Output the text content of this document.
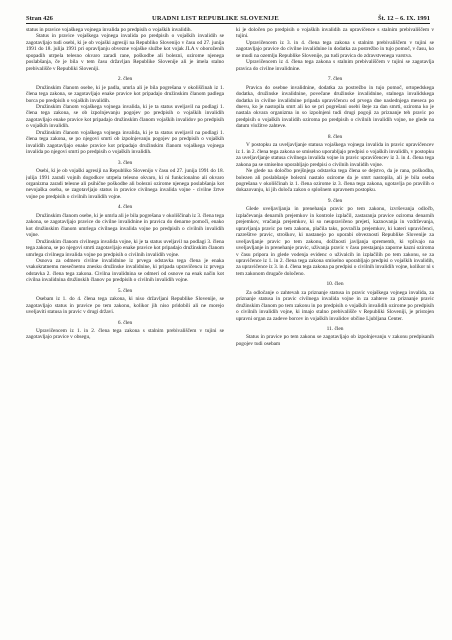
Stran 426	URADNI LIST REPUBLIKE SLOVENIJE	Št. 12 – 6. IX. 1991

status in pravice vojaškega vojnega invalida po predpisih o vojaških invalidih.

Status in pravice vojaškega vojnega invalida po predpisih o vojaških invalidih se zagotavljajo tudi osebi, ki je ob vojaški agresiji na Republiko Slovenijo v času od 27. junija 1991 do 18. julija 1991 pri opravljanju obvezne vojaške službe kot vojak JLA v oboroženih spopadih utrpela telesno okvaro zaradi rane, poškodbe ali bolezni, ozirome njenega poslabšanja, če je bila v tem času državljan Republike Slovenije ali je imela stalno prebivališče v Republiki Sloveniji.

2. člen

Družinskim članom osebe, ki je padla, umrla ali je bila pogrešana v okoliščinah iz 1. člena tega zakona, se zagotavljajo enake pravice kot pripadajo družinskim članom padlega borca po predpisih o vojaških invalidih.

Družinskim članom vojaškega vojnega invalida, ki je ta status uveljavil na podlagi 1. člena tega zakona, se ob izpolnjevanju pogojev po predpisih o vojaških invalidih zagotavljajo enake pravice kot pripadajo družinskim članom vojaških invalidov po predpisih o vojaških invalidih.

Družinskim članom vojaškega vojnega invalida, ki je ta status uveljavil na podlagi 1. člena tega zakona, se po njegovi smrti ob izpolnjevanju pogojev po predpisih o vojaških invalidih zagotavljajo enake pravice kot pripadajo družinskim članom vojaškega vojnega invalida po njegovi smrti po predpisih o vojaških invalidih.

3. člen

Osebi, ki je ob vojaški agresiji na Republiko Slovenijo v času od 27. junija 1991 do 18. julija 1991 zaradi vojnih dogodkov utrpela telesno okvaro, ki ni funkcionalno ali okvaro organizma zaradi telesne ali psihične poškodbe ali bolezni ozirome njenega poslabšanja kot nevojaška oseba, se zagotavljajo status in pravice civilnega invalida vojne - civilne žrtve vojne po predpisih o civilnih invalidih vojne.

4. člen

Družinskim članom osebe, ki je umrla ali je bila pogrešana v okoliščinah iz 3. člena tega zakona, se zagotavljajo pravice do civilne invalidnine in pravica do denarne pomoči, enako kot družinskim članom umrlega civilnega invalida vojne po predpisih o civilnih invalidih vojne.

Družinskim članom civilnega invalida vojne, ki je ta status uveljavil na podlagi 3. člena tega zakona, se po njegovi smrti zagotavljajo enake pravice kot pripadajo družinskim članom umrlega civilnega invalida vojne po predpisih o civilnih invalidih vojne.

Osnova za odmero civilne invalidnine iz prvega odstavka tega člena je enaka vsakokratnemu mesečnemu znesku družinske invalidnine, ki pripada upravičencu iz prvega odstavka 2. člena tega zakona. Civilna invalidnina se odmeri od osnove na enak način kot civilna invalidnina družinskih članov po predpisih o civilnih invalidih vojne.

5. člen

Osebam iz 1. do 4. člena tega zakona, ki niso državljani Republike Slovenije, se zagotavljajo status in pravice po tem zakonu, kolikor jih niso pridobili ali ne morejo uveljaviti statusa in pravic v drugi državi.

6. člen

Upravičencem iz 1. in 2. člena tega zakona s stalnim prebivališčem v tujini se zagotavljajo pravice v obsegu,

ki je določen po predpisih o vojaških invalidih za upravičence s stalnim prebivališčem v tujini.

Upravičencem iz 3. in 4. člena tega zakona s stalnim prebivališčem v tujini se zagotavljajo pravice do civilne invalidnine in dodatka za postrežbo in tujo pomoč, v času, ko se mudi na ozemlju Republike Slovenije, pa tudi pravica do zdravstvenega varstva.

Upravičencem iz 4. člena tega zakona s stalnim prebivališčem v tujini se zagotavlja pravica do civilne invalidnine.

7. člen

Pravica do osebne invalidnine, dodatka za postrežbo in tujo pomoč, ortopedskega dodatka, družinske invalidnine, povečane družinske invalidnine, stalnega invalidskega dodatka in civilne invalidnine pripada upravičencu od prvega dne naslednjega meseca po dnevu, ko je nastopila smrt ali ko se pri pogrešani osebi šteje za dan smrti, oziroma ko je nastala okvara organizma in so izpolnjeni tudi drugi pogoji za priznanje teh pravic po predpisih o vojaških invalidih oziroma po predpisih o civilnih invalidih vojne, ne glede na datum vložitve zahteve.

8. člen

V postopku za uveljavljanje statusa vojaškega vojnega invalida in pravic upravičencev iz 1. in 2. člena tega zakona se smiselno uporabljajo predpisi o vojaških invalidih, v postopku za uveljavljanje statusa civilnega invalida vojne in pravic upravičencev iz 3. in 4. člena tega zakona pa se smiselno uporabljajo predpisi o civilnih invalidih vojne.

Ne glede na določbo prejšnjega odstavka tega člena se dejstvo, da je rana, poškodba, bolezen ali poslabšanje bolezni nastalo ozirome da je smrt nastopila, ali je bila oseba pogrešana v okoliščinah iz 1. člena ozirome iz 3. člena tega zakona, ugotavlja po pravilih o dokazovanju, ki jih določa zakon o splošnem upravnem postopku.

9. člen

Glede uveljavljanja in prenehanja pravic po tem zakonu, izvrševanja odločb, izplačevanja denarnih prejemkov in kontrole izplačil, zastaranja pravice oziroma denarnih prejemkov, vračanja prejemkov, ki so neupravičeno prejeti, kaznovanja in vzdrževanja, upravljanja pravic po tem zakonu, plačila taks, povračila prejemkov, ki kateri upravičenci, razrešitve pravic, stroškov, ki nastanejo po uporabi obveznosti Republike Slovenije za uveljavljanje pravic po tem zakonu, dolžnosti javljanja sprememb, ki vplivajo na uveljavljanje in prenehanje pravic, uživanja pravic v času prestajanja zaporne kazni oziroma v času pripora in glede vodenja evidenc o uživalcih in izplačilih po tem zakonu, se za upravičence iz 1. in 2. člena tega zakona smiselno uporabljajo predpisi o vojaških invalidih, za upravičence iz 3. in 4. člena tega zakona pa predpisi o civilnih invalidih vojne, kolikor ni s tem zakonom drugače določeno.

10. člen

Za odločanje o zahtevah za priznanje statusa in pravic vojaškega vojnega invalida, za priznanje statusa in pravic civilnega invalida vojne in za zahteve za priznanje pravic družinskim članom po tem zakonu in po predpisih o vojaških invalidih ozirome po predpisih o civilnih invalidih vojne, ki imajo stalno prebivališče v Republiki Sloveniji, je pristojen upravni organ za zadeve borcev in vojaških invalidov občine Ljubljana Center.

11. člen

Status in pravice po tem zakonu se zagotavljajo ob izpolnjevanju v zakonu predpisanih pogojev tudi osebam
